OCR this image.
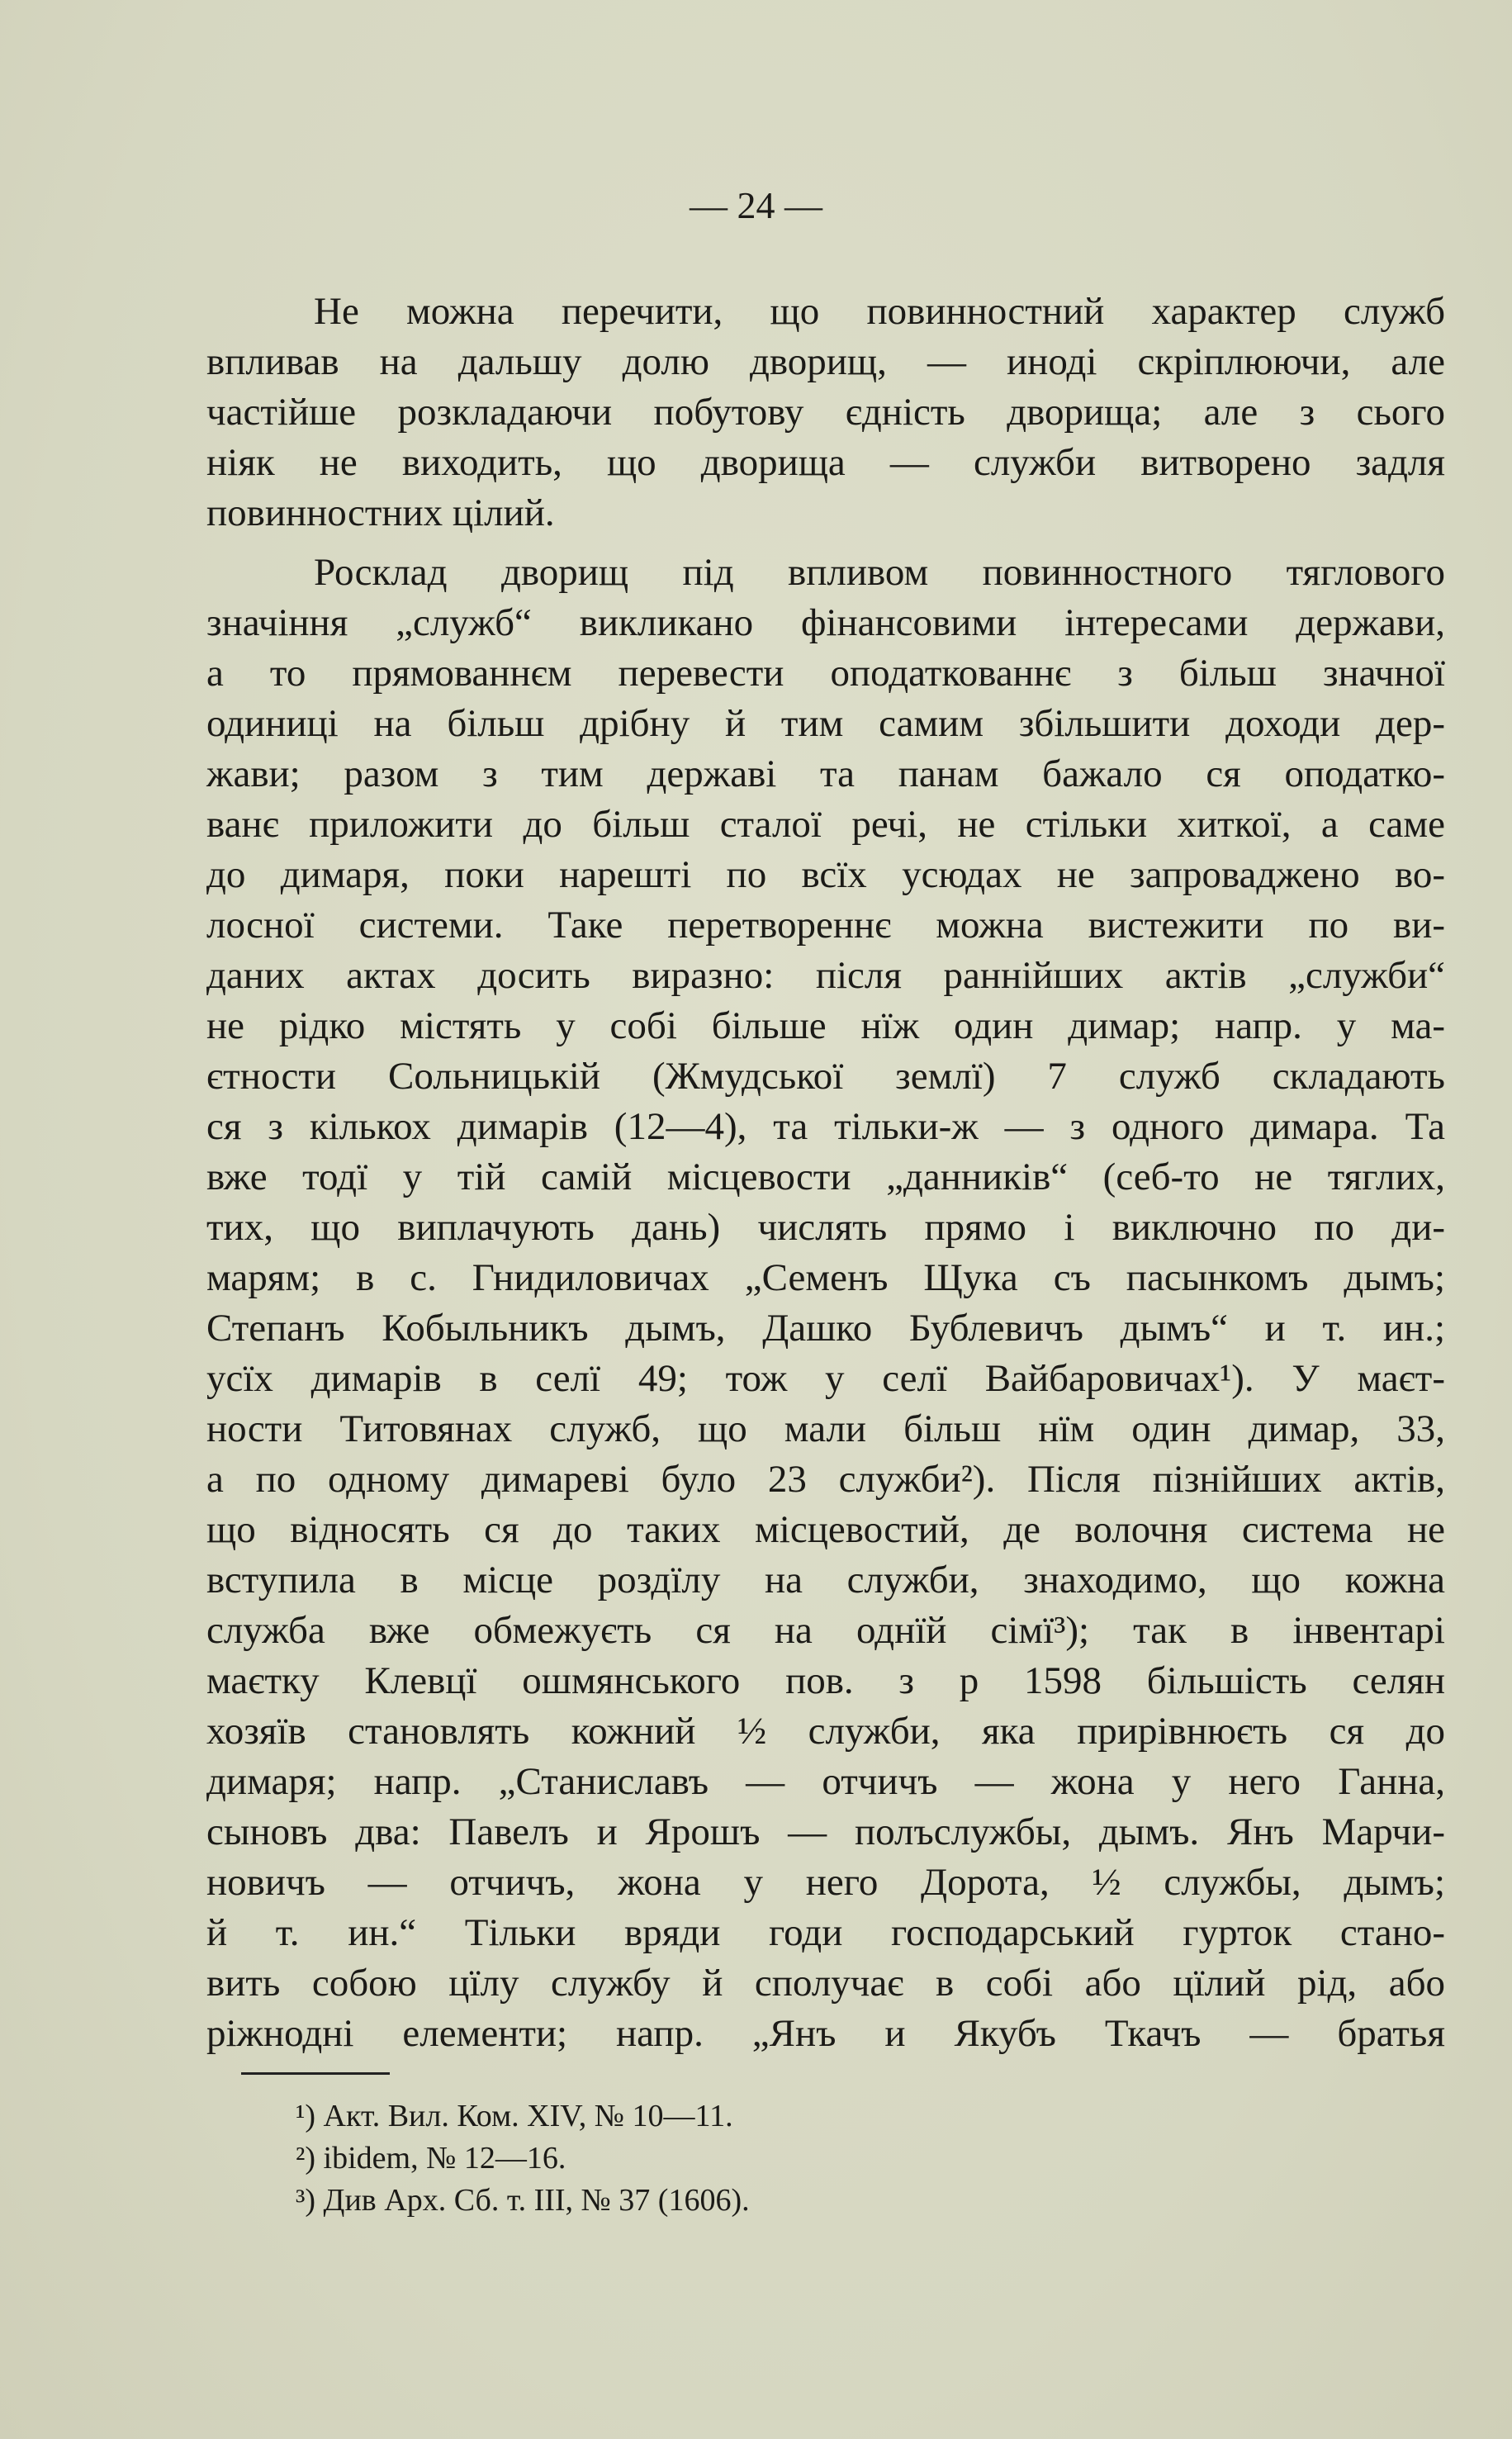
— 24 —
Не можна перечити, що повинностний характер служб
впливав на дальшу долю дворищ, — иноді скріплюючи, але
частійше розкладаючи побутову єдність дворища; але з сього
ніяк не виходить, що дворища — служби витворено задля
повинностних цілий.
Росклад дворищ під впливом повинностного тяглового
значіння „служб“ викликано фінансовими інтересами держави,
а то прямованнєм перевести оподаткованнє з більш значної
одиниці на більш дрібну й тим самим збільшити доходи дер-
жави; разом з тим державі та панам бажало ся оподатко-
ванє приложити до більш сталої речі, не стільки хиткої, а саме
до димаря, поки нарешті по всїх усюдах не запроваджено во-
лосної системи. Таке перетвореннє можна вистежити по ви-
даних актах досить виразно: після раннійших актів „служби“
не рідко містять у собі більше нїж один димар; напр. у ма-
єтности Сольницькій (Жмудської землї) 7 служб складають
ся з кількох димарів (12—4), та тільки-ж — з одного димара. Та
вже тодї у тій самій місцевости „данників“ (себ-то не тяглих,
тих, що виплачують дань) числять прямо і виключно по ди-
марям; в с. Гнидиловичах „Семенъ Щука съ пасынкомъ дымъ;
Степанъ Кобыльникъ дымъ, Дашко Бублевичъ дымъ“ и т. ин.;
усїх димарів в селї 49; тож у селї Вайбаровичах¹). У маєт-
ности Титовянах служб, що мали більш нїм один димар, 33,
а по одному димареві було 23 служби²). Після пізнійших актів,
що відносять ся до таких місцевостий, де волочня система не
вступила в місце роздїлу на служби, знаходимо, що кожна
служба вже обмежуєть ся на однїй сімї³); так в інвентарі
маєтку Клевцї ошмянського пов. з р 1598 більшість селян
хозяїв становлять кожний ½ служби, яка прирівнюєть ся до
димаря; напр. „Станиславъ — отчичъ — жона у него Ганна,
сыновъ два: Павелъ и Ярошъ — полъслужбы, дымъ. Янъ Марчи-
новичъ — отчичъ, жона у него Дорота, ½ службы, дымъ;
й т. ин.“ Тільки вряди годи господарський гурток стано-
вить собою цїлу службу й сполучає в собі або цїлий рід, або
ріжнодні елементи; напр. „Янъ и Якубъ Ткачъ — братья
¹) Акт. Вил. Ком. XIV, № 10—11.
²) ibidem, № 12—16.
³) Див Арх. Сб. т. III, № 37 (1606).
